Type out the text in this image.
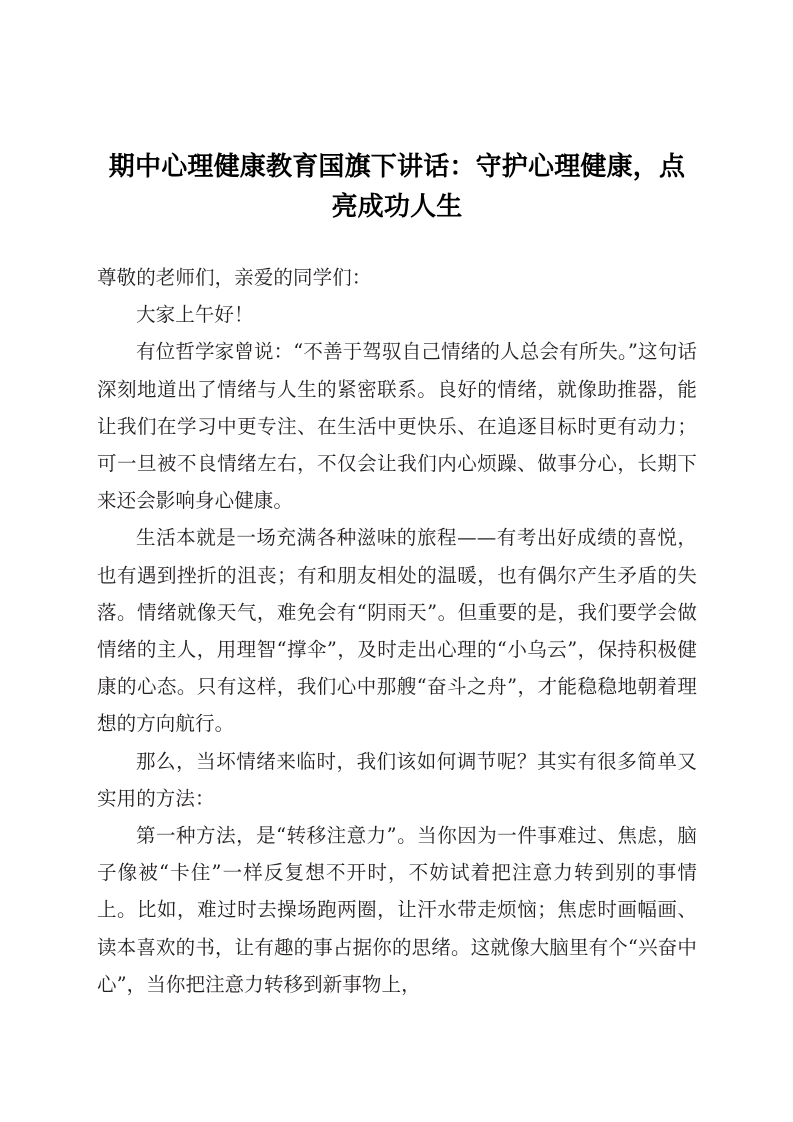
期中心理健康教育国旗下讲话：守护心理健康，点亮成功人生

尊敬的老师们，亲爱的同学们：

大家上午好！

有位哲学家曾说：“不善于驾驭自己情绪的人总会有所失。”这句话深刻地道出了情绪与人生的紧密联系。良好的情绪，就像助推器，能让我们在学习中更专注、在生活中更快乐、在追逐目标时更有动力；可一旦被不良情绪左右，不仅会让我们内心烦躁、做事分心，长期下来还会影响身心健康。

生活本就是一场充满各种滋味的旅程——有考出好成绩的喜悦，也有遇到挫折的沮丧；有和朋友相处的温暖，也有偶尔产生矛盾的失落。情绪就像天气，难免会有“阴雨天”。但重要的是，我们要学会做情绪的主人，用理智“撑伞”，及时走出心理的“小乌云”，保持积极健康的心态。只有这样，我们心中那艘“奋斗之舟”，才能稳稳地朝着理想的方向航行。

那么，当坏情绪来临时，我们该如何调节呢？其实有很多简单又实用的方法：

第一种方法，是“转移注意力”。当你因为一件事难过、焦虑，脑子像被“卡住”一样反复想不开时，不妨试着把注意力转到别的事情上。比如，难过时去操场跑两圈，让汗水带走烦恼；焦虑时画幅画、读本喜欢的书，让有趣的事占据你的思绪。这就像大脑里有个“兴奋中心”，当你把注意力转移到新事物上，
